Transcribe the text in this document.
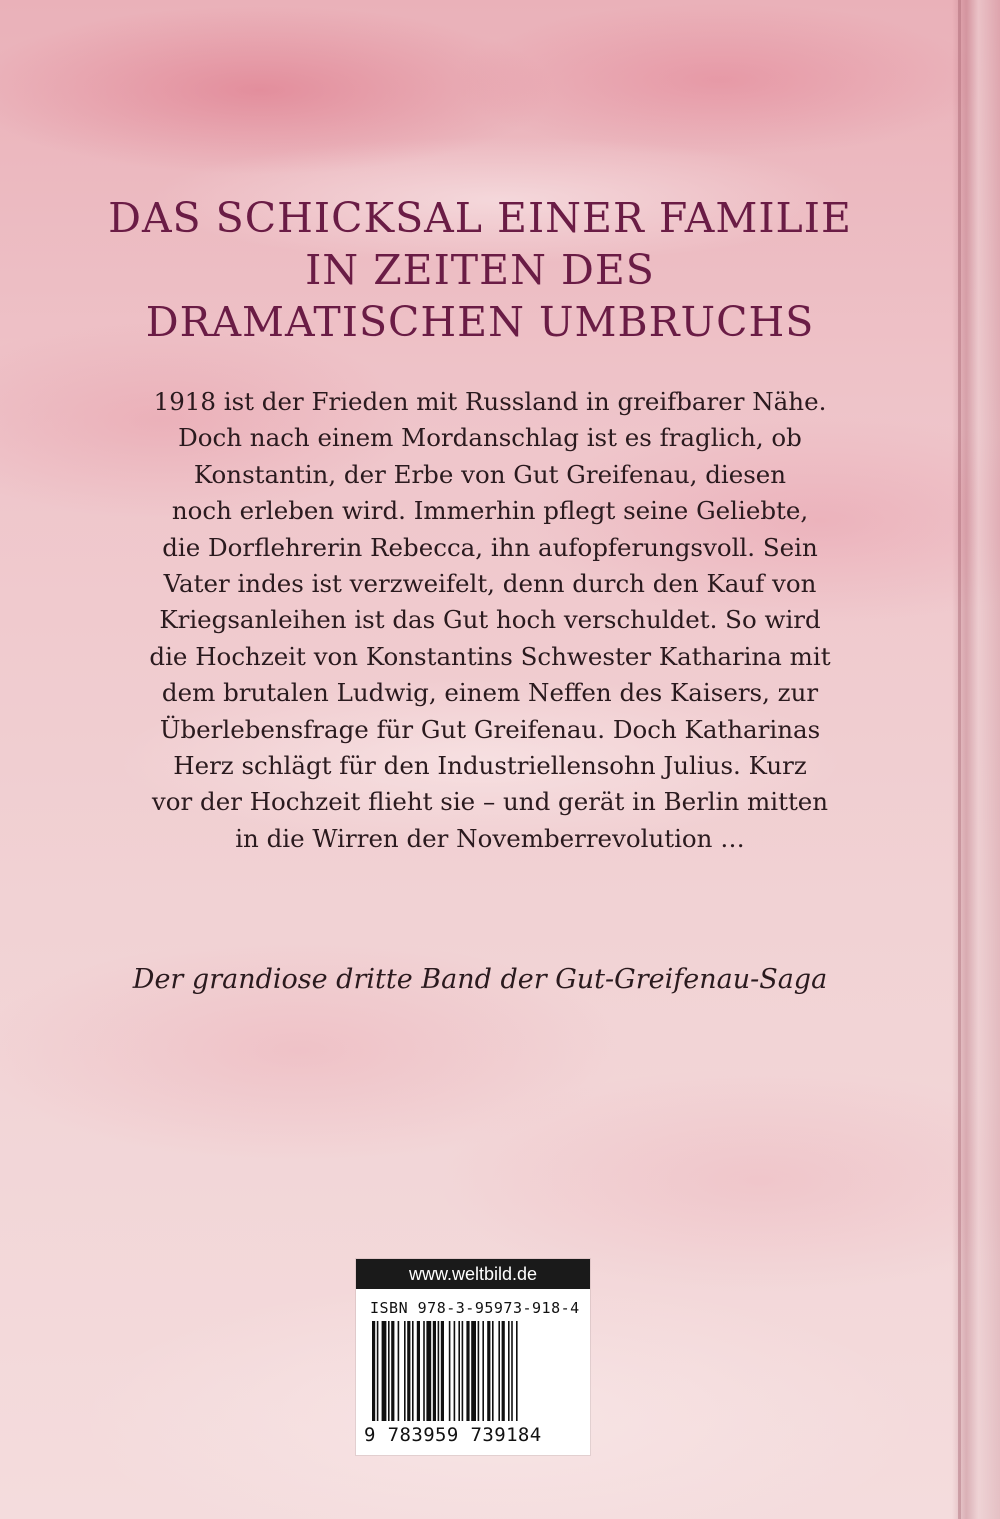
DAS SCHICKSAL EINER FAMILIE
IN ZEITEN DES
DRAMATISCHEN UMBRUCHS
1918 ist der Frieden mit Russland in greifbarer Nähe.
Doch nach einem Mordanschlag ist es fraglich, ob
Konstantin, der Erbe von Gut Greifenau, diesen
noch erleben wird. Immerhin pflegt seine Geliebte,
die Dorflehrerin Rebecca, ihn aufopferungsvoll. Sein
Vater indes ist verzweifelt, denn durch den Kauf von
Kriegsanleihen ist das Gut hoch verschuldet. So wird
die Hochzeit von Konstantins Schwester Katharina mit
dem brutalen Ludwig, einem Neffen des Kaisers, zur
Überlebensfrage für Gut Greifenau. Doch Katharinas
Herz schlägt für den Industriellensohn Julius. Kurz
vor der Hochzeit flieht sie – und gerät in Berlin mitten
in die Wirren der Novemberrevolution …
Der grandiose dritte Band der Gut-Greifenau-Saga
www.weltbild.de
ISBN 978-3-95973-918-4
9 783959 739184
